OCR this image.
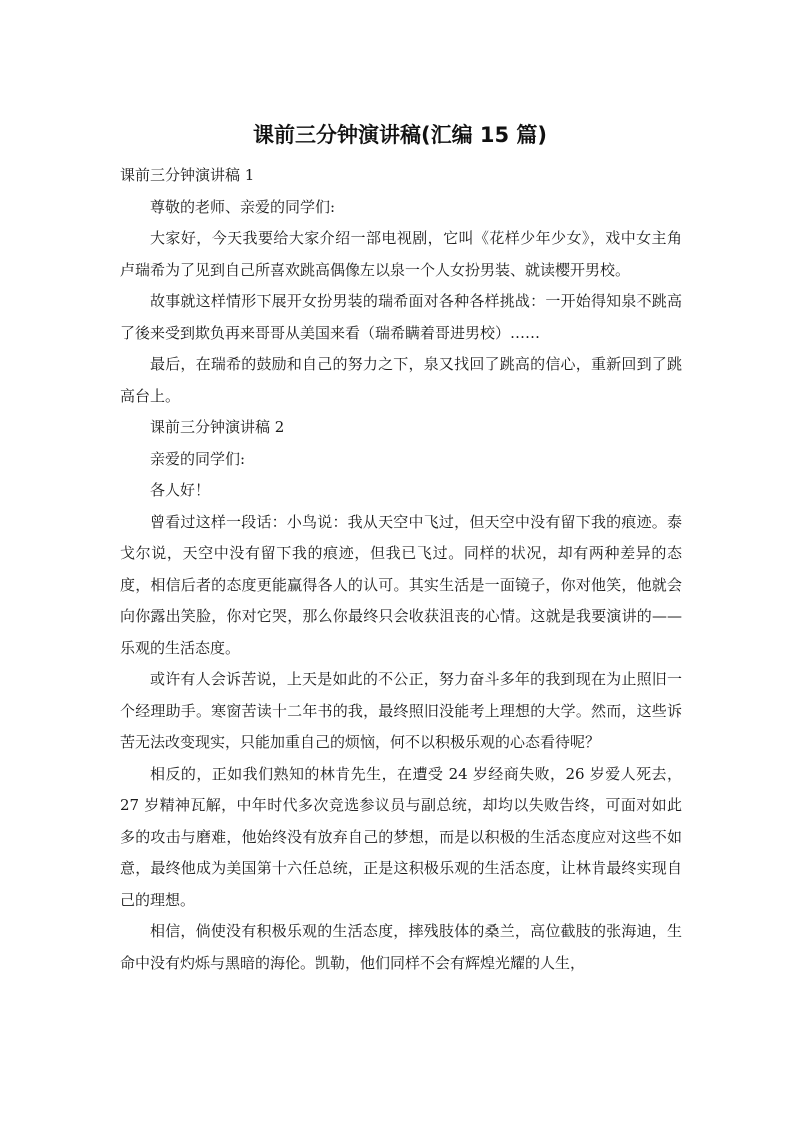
课前三分钟演讲稿(汇编 15 篇)

课前三分钟演讲稿 1

尊敬的老师、亲爱的同学们:

大家好，今天我要给大家介绍一部电视剧，它叫《花样少年少女》，戏中女主角卢瑞希为了见到自己所喜欢跳高偶像左以泉一个人女扮男装、就读樱开男校。

故事就这样情形下展开女扮男装的瑞希面对各种各样挑战：一开始得知泉不跳高了後来受到欺负再来哥哥从美国来看（瑞希瞒着哥进男校）……

最后，在瑞希的鼓励和自己的努力之下，泉又找回了跳高的信心，重新回到了跳高台上。

课前三分钟演讲稿 2

亲爱的同学们:

各人好！

曾看过这样一段话：小鸟说：我从天空中飞过，但天空中没有留下我的痕迹。泰戈尔说，天空中没有留下我的痕迹，但我已飞过。同样的状况，却有两种差异的态度，相信后者的态度更能赢得各人的认可。其实生活是一面镜子，你对他笑，他就会向你露出笑脸，你对它哭，那么你最终只会收获沮丧的心情。这就是我要演讲的——乐观的生活态度。

或许有人会诉苦说，上天是如此的不公正，努力奋斗多年的我到现在为止照旧一个经理助手。寒窗苦读十二年书的我，最终照旧没能考上理想的大学。然而，这些诉苦无法改变现实，只能加重自己的烦恼，何不以积极乐观的心态看待呢？

相反的，正如我们熟知的林肯先生，在遭受 24 岁经商失败，26 岁爱人死去，27 岁精神瓦解，中年时代多次竞选参议员与副总统，却均以失败告终，可面对如此多的攻击与磨难，他始终没有放弃自己的梦想，而是以积极的生活态度应对这些不如意，最终他成为美国第十六任总统，正是这积极乐观的生活态度，让林肯最终实现自己的理想。

相信，倘使没有积极乐观的生活态度，摔残肢体的桑兰，高位截肢的张海迪，生命中没有灼烁与黑暗的海伦。凯勒，他们同样不会有辉煌光耀的人生，
